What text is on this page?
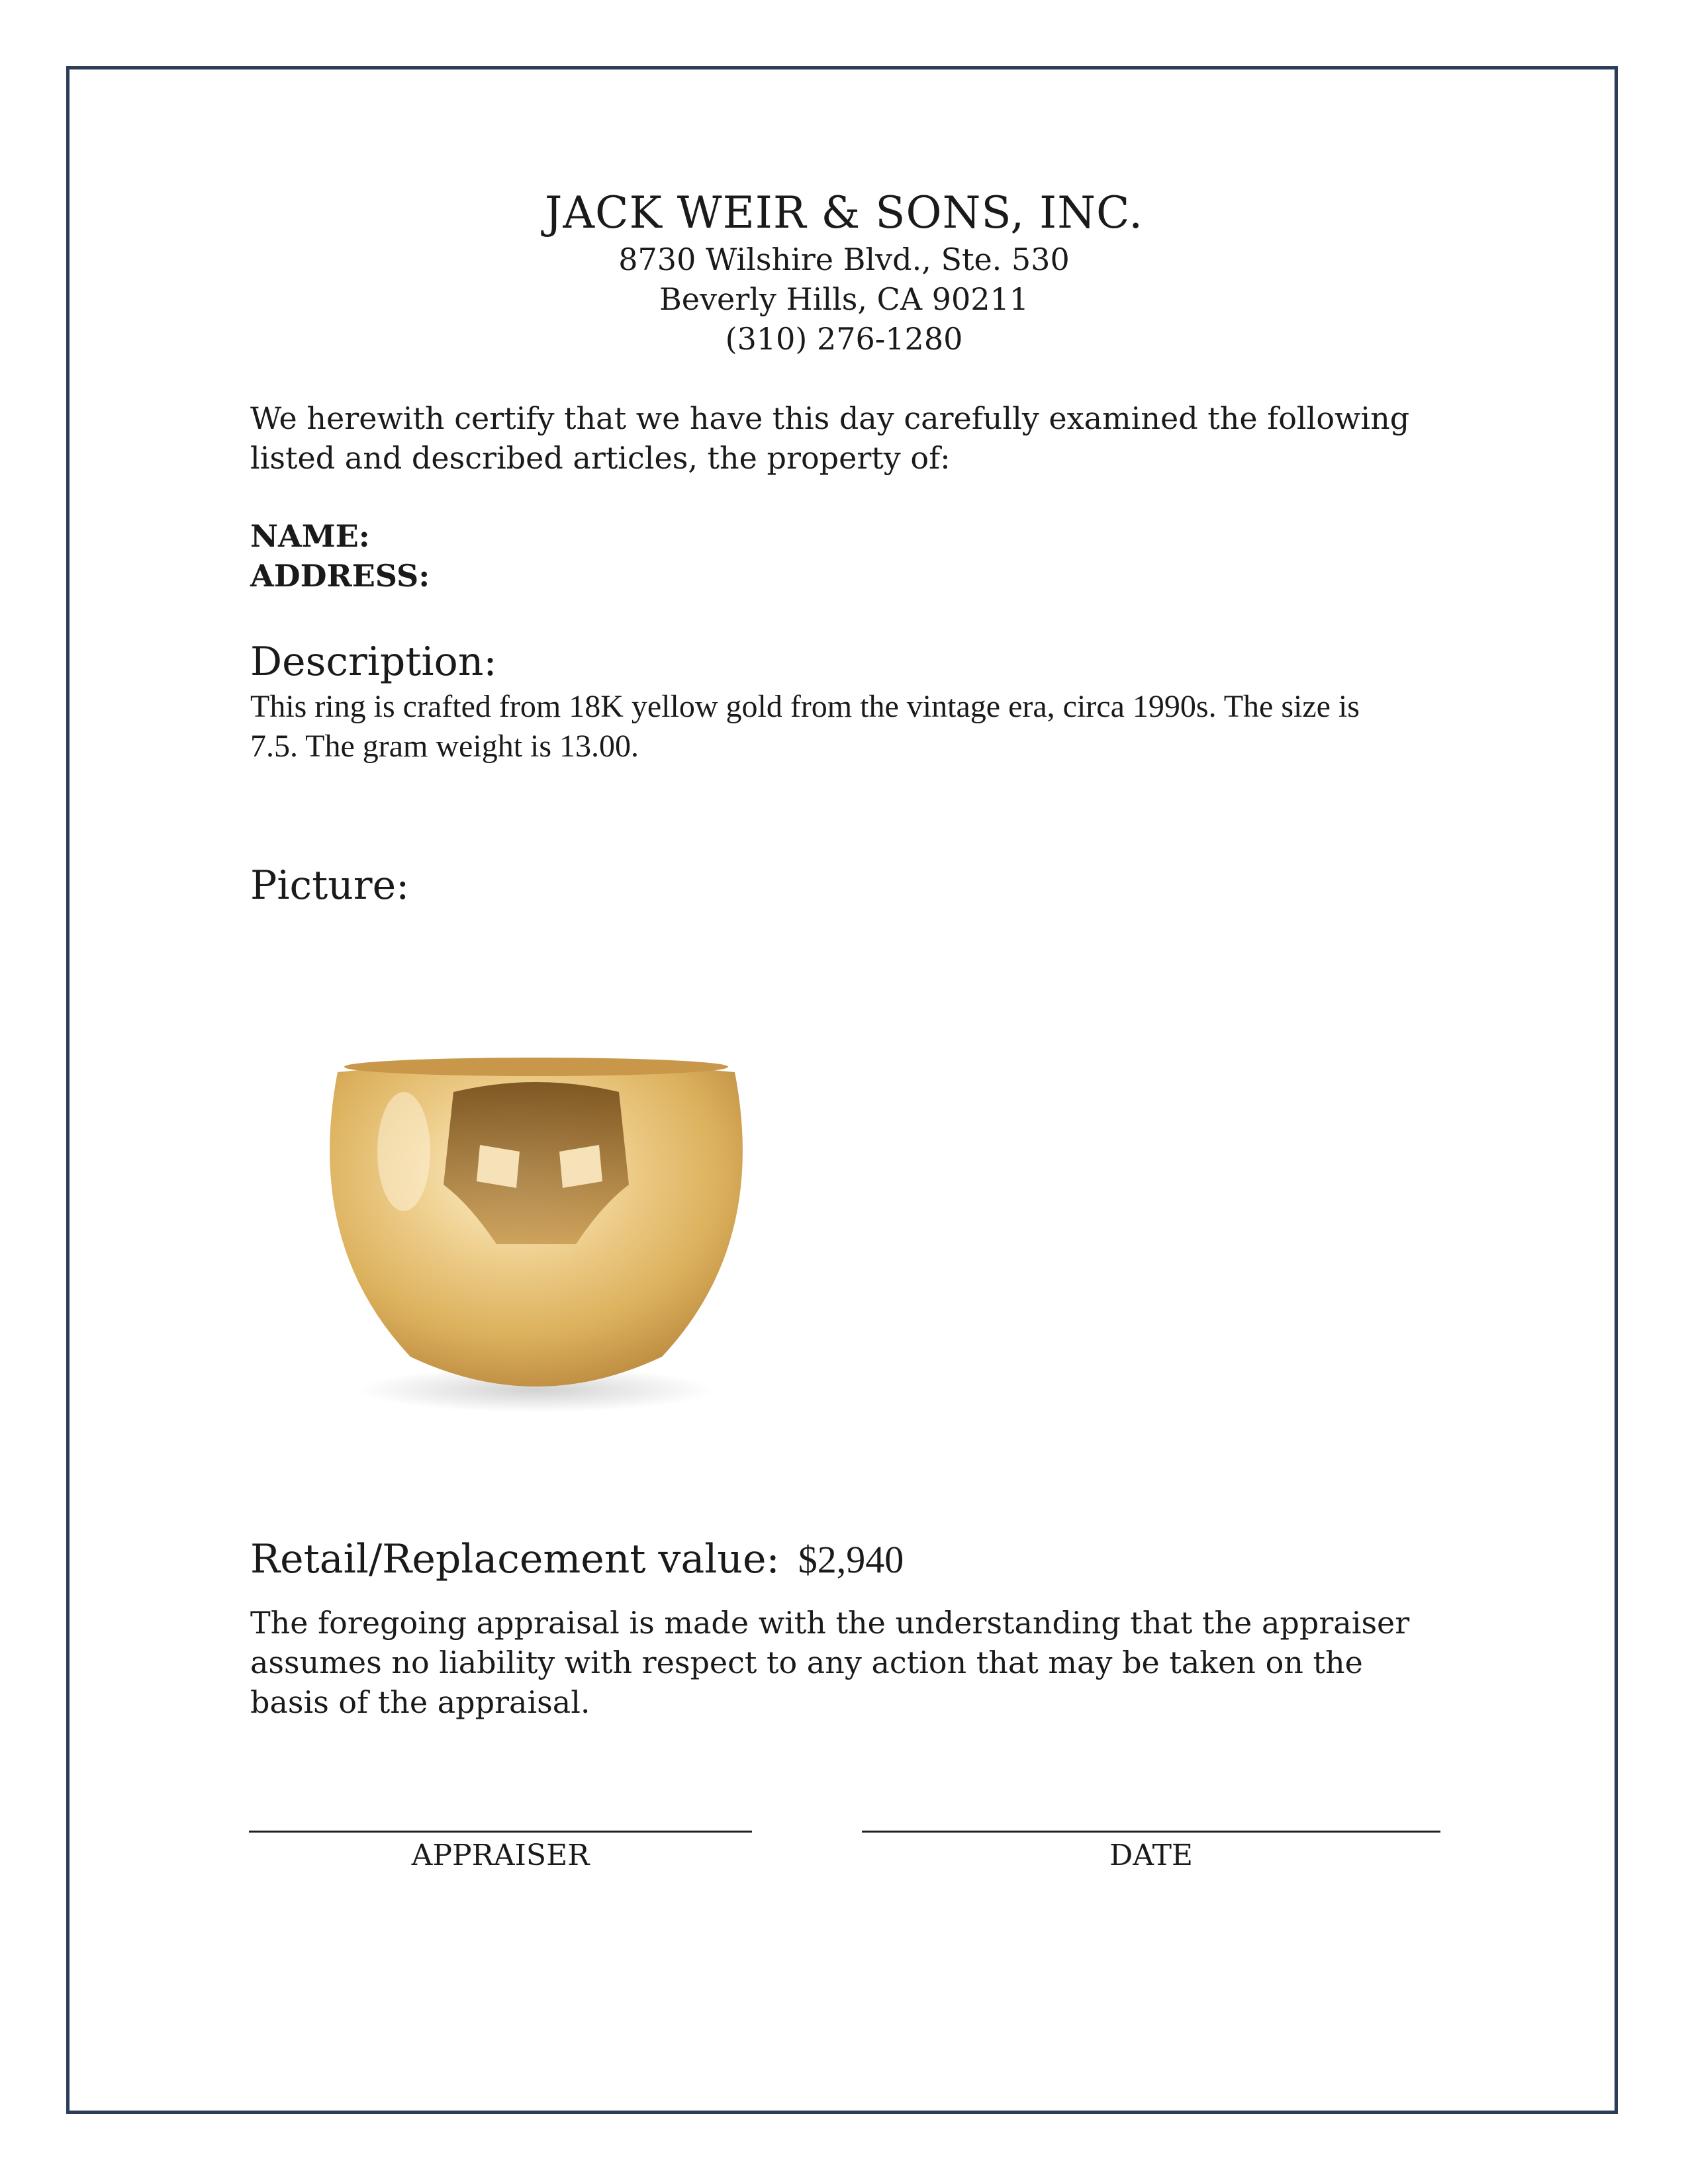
JACK WEIR & SONS, INC.
8730 Wilshire Blvd., Ste. 530
Beverly Hills, CA 90211
(310) 276-1280
We herewith certify that we have this day carefully examined the following listed and described articles, the property of:
NAME:
ADDRESS:
Description:
This ring is crafted from 18K yellow gold from the vintage era, circa 1990s. The size is 7.5. The gram weight is 13.00.
Picture:
Retail/Replacement value: $2,940
The foregoing appraisal is made with the understanding that the appraiser assumes no liability with respect to any action that may be taken on the basis of the appraisal.
APPRAISER	DATE
